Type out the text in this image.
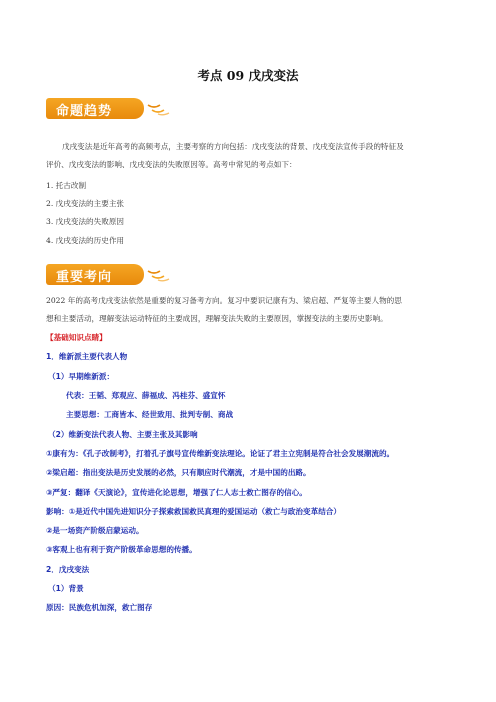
考点 09 戊戌变法
命题趋势
戊戌变法是近年高考的高频考点，主要考察的方向包括：戊戌变法的背景、戊戌变法宣传手段的特征及
评价、戊戌变法的影响、戊戌变法的失败原因等。高考中常见的考点如下：
1. 托古改制
2. 戊戌变法的主要主张
3. 戊戌变法的失败原因
4. 戊戌变法的历史作用
重要考向
2022 年的高考戊戌变法依然是重要的复习备考方向。复习中要识记康有为、梁启超、严复等主要人物的思
想和主要活动，理解变法运动特征的主要成因，理解变法失败的主要原因，掌握变法的主要历史影响。
【基础知识点睛】
1．维新派主要代表人物
（1）早期维新派：
代表：王韬、郑观应、薛福成、冯桂芬、盛宣怀
主要思想：工商皆本、经世致用、批判专制、商战
（2）维新变法代表人物、主要主张及其影响
①康有为：《孔子改制考》，打着孔子旗号宣传维新变法理论。论证了君主立宪制是符合社会发展潮流的。
②梁启超：指出变法是历史发展的必然，只有顺应时代潮流，才是中国的出路。
③严复：翻译《天演论》，宣传进化论思想，增强了仁人志士救亡图存的信心。
影响：①是近代中国先进知识分子探索救国救民真理的爱国运动（救亡与政治变革结合）
②是一场资产阶级启蒙运动。
③客观上也有利于资产阶级革命思想的传播。
2．戊戌变法
（1）背景
原因：民族危机加深，救亡图存
